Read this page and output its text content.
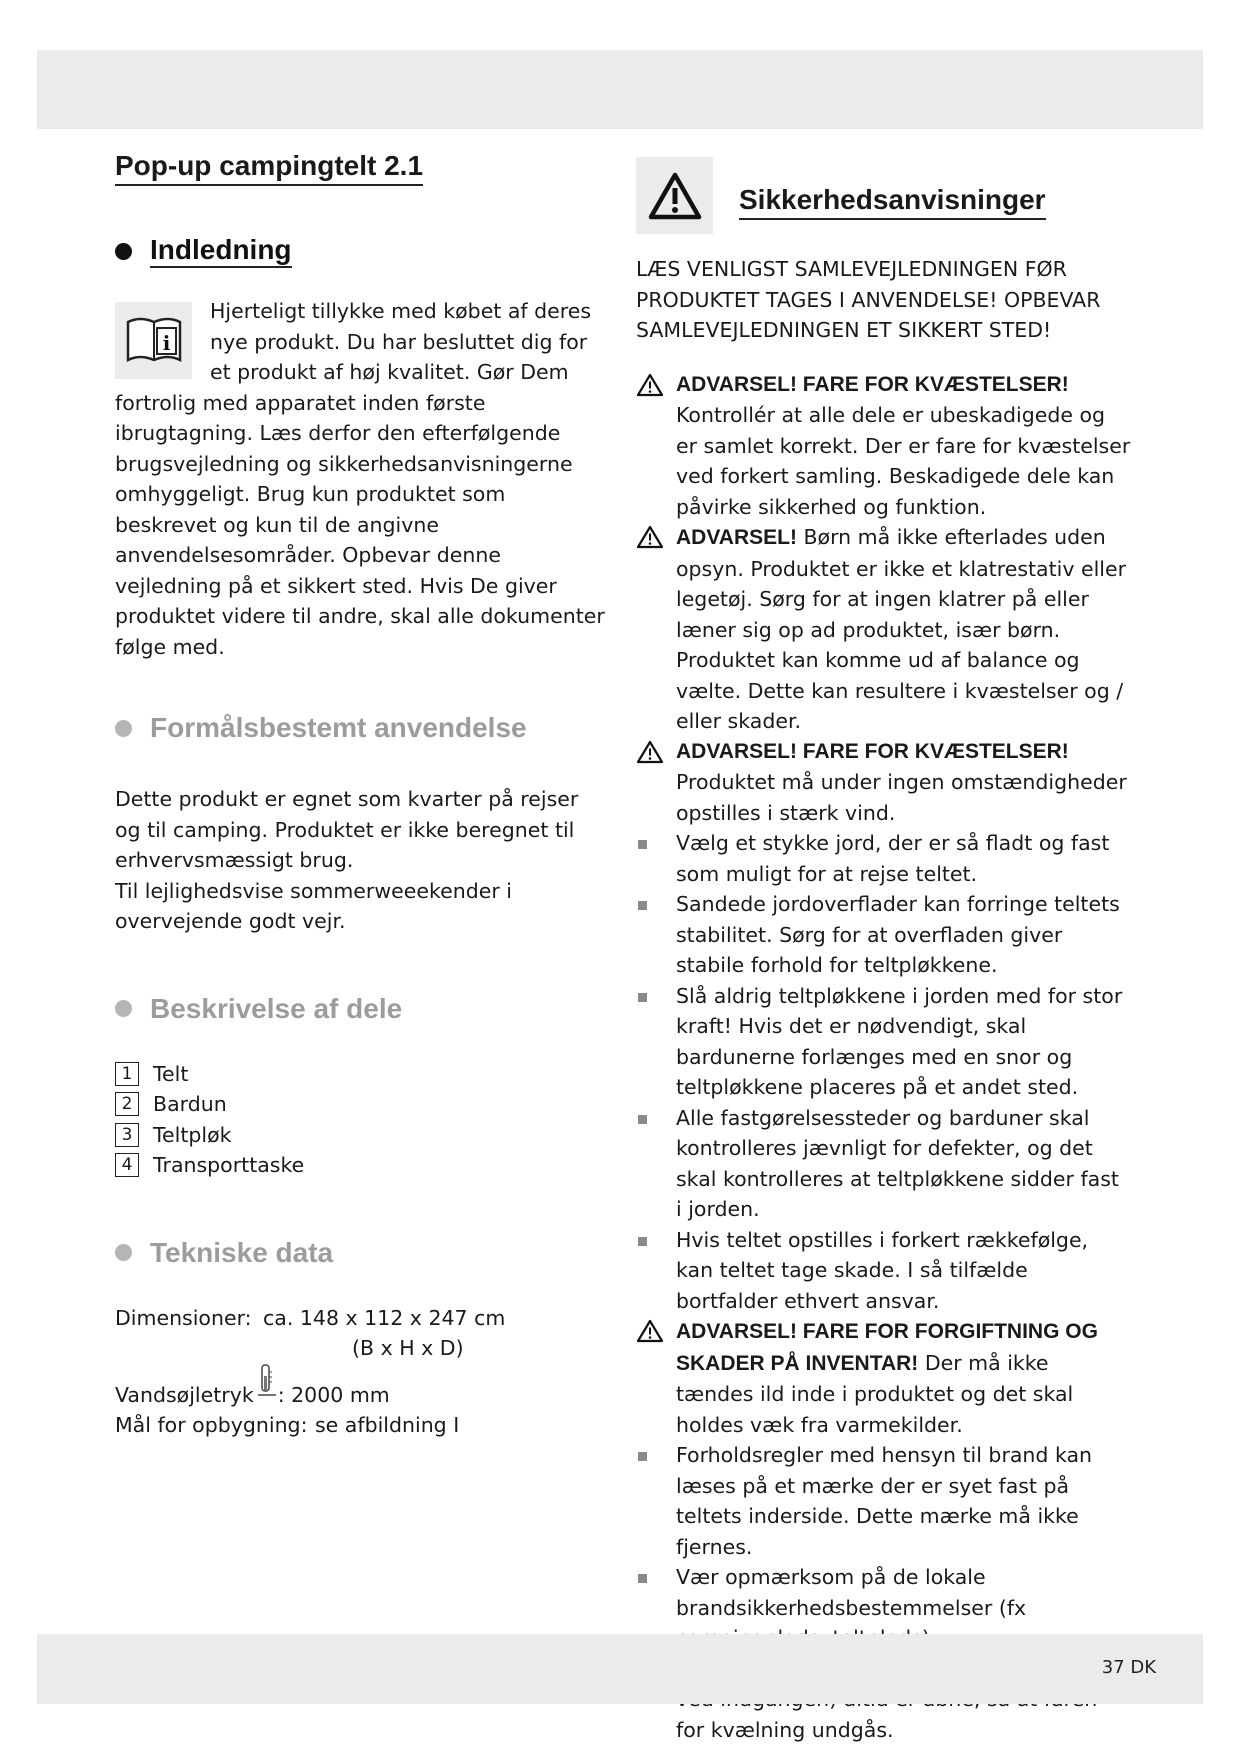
Pop-up campingtelt 2.1
Indledning
i

Hjerteligt tillykke med købet af deres nye produkt. Du har besluttet dig for et produkt af høj kvalitet. Gør Dem fortrolig med apparatet inden første ibrugtagning. Læs derfor den efterfølgende brugsvejledning og sikkerhedsanvisningerne omhyggeligt. Brug kun produktet som beskrevet og kun til de angivne anvendelsesområder. Opbevar denne vejledning på et sikkert sted. Hvis De giver produktet videre til andre, skal alle dokumenter følge med.

Formålsbestemt anvendelse

Dette produkt er egnet som kvarter på rejser og til camping. Produktet er ikke beregnet til erhvervsmæssigt brug.

Til lejlighedsvise sommerweeekender i overvejende godt vejr.

Beskrivelse af dele
1	Telt
2	Bardun
3	Teltpløk
4	Transporttaske
Tekniske data
Dimensioner: ca. 148 x 112 x 247 cm
(B x H x D)
Vandsøjletryk : 2000 mm
Mål for opbygning: se afbildning I
Sikkerhedsanvisninger

LÆS VENLIGST SAMLEVEJLEDNINGEN FØR PRODUKTET TAGES I ANVENDELSE! OPBEVAR SAMLEVEJLEDNINGEN ET SIKKERT STED!

ADVARSEL! FARE FOR KVÆSTELSER!
Kontrollér at alle dele er ubeskadigede og er samlet korrekt. Der er fare for kvæstelser ved forkert samling. Beskadigede dele kan påvirke sikkerhed og funktion.
ADVARSEL! Børn må ikke efterlades uden opsyn. Produktet er ikke et klatrestativ eller legetøj. Sørg for at ingen klatrer på eller læner sig op ad produktet, især børn. Produktet kan komme ud af balance og vælte. Dette kan resultere i kvæstelser og / eller skader.
ADVARSEL! FARE FOR KVÆSTELSER!
Produktet må under ingen omstændigheder opstilles i stærk vind.
Vælg et stykke jord, der er så fladt og fast som muligt for at rejse teltet.
Sandede jordoverflader kan forringe teltets stabilitet. Sørg for at overfladen giver stabile forhold for teltpløkkene.
Slå aldrig teltpløkkene i jorden med for stor kraft! Hvis det er nødvendigt, skal bardunerne forlænges med en snor og teltpløkkene placeres på et andet sted.
Alle fastgørelsessteder og barduner skal kontrolleres jævnligt for defekter, og det skal kontrolleres at teltpløkkene sidder fast i jorden.
Hvis teltet opstilles i forkert rækkefølge, kan teltet tage skade. I så tilfælde bortfalder ethvert ansvar.
ADVARSEL! FARE FOR FORGIFTNING OG SKADER PÅ INVENTAR! Der må ikke tændes ild inde i produktet og det skal holdes væk fra varmekilder.
Forholdsregler med hensyn til brand kan læses på et mærke der er syet fast på teltets inderside. Dette mærke må ikke fjernes.
Vær opmærksom på de lokale brandsikkerhedsbestemmelser (fx
for kvælning undgås.
37 DK
